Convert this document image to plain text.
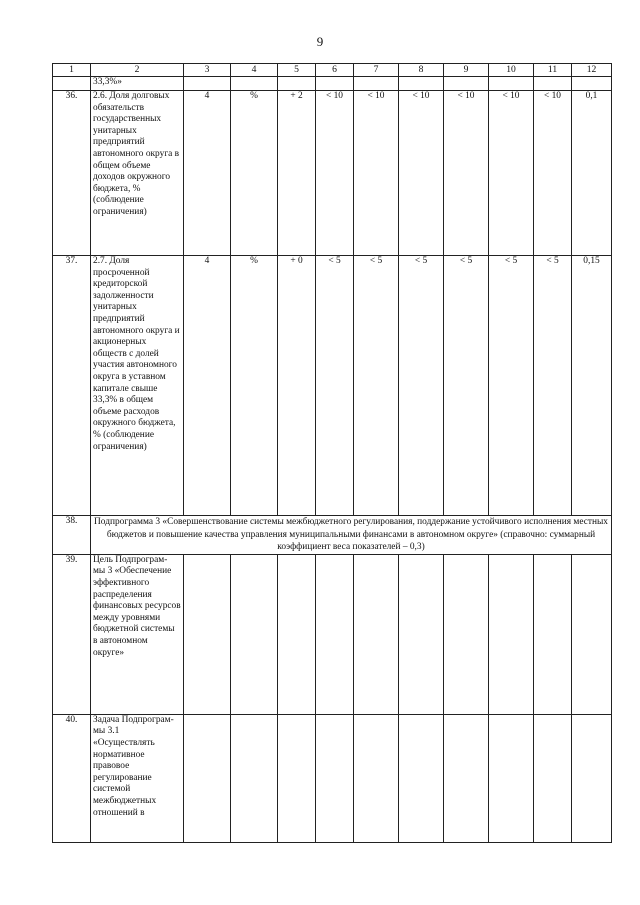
9
1	2	3	4	5	6	7	8	9	10	11	12
	33,3%»										
36.	2.6. Доля долговых обязательств государственных унитарных предприятий автономного округа в общем объеме доходов окружного бюджета, % (соблюдение ограничения)	4	%	+ 2	< 10	< 10	< 10	< 10	< 10	< 10	0,1
37.	2.7. Доля просроченной кредиторской задолженности унитарных предприятий автономного округа и акционерных обществ с долей участия автономного округа в уставном капитале свыше 33,3% в общем объеме расходов окружного бюджета, % (соблюдение ограничения)	4	%	+ 0	< 5	< 5	< 5	< 5	< 5	< 5	0,15
38.	Подпрограмма 3 «Совершенствование системы межбюджетного регулирования, поддержание устойчивого исполнения местных бюджетов и повышение качества управления муниципальными финансами в автономном округе» (справочно: суммарный коэффициент веса показателей – 0,3)										
39.	Цель Подпрограм- мы 3 «Обеспечение эффективного распределения финансовых ресурсов между уровнями бюджетной системы в автономном округе»										
40.	Задача Подпрограм- мы 3.1 «Осуществлять нормативное правовое регулирование системой межбюджетных отношений в										
